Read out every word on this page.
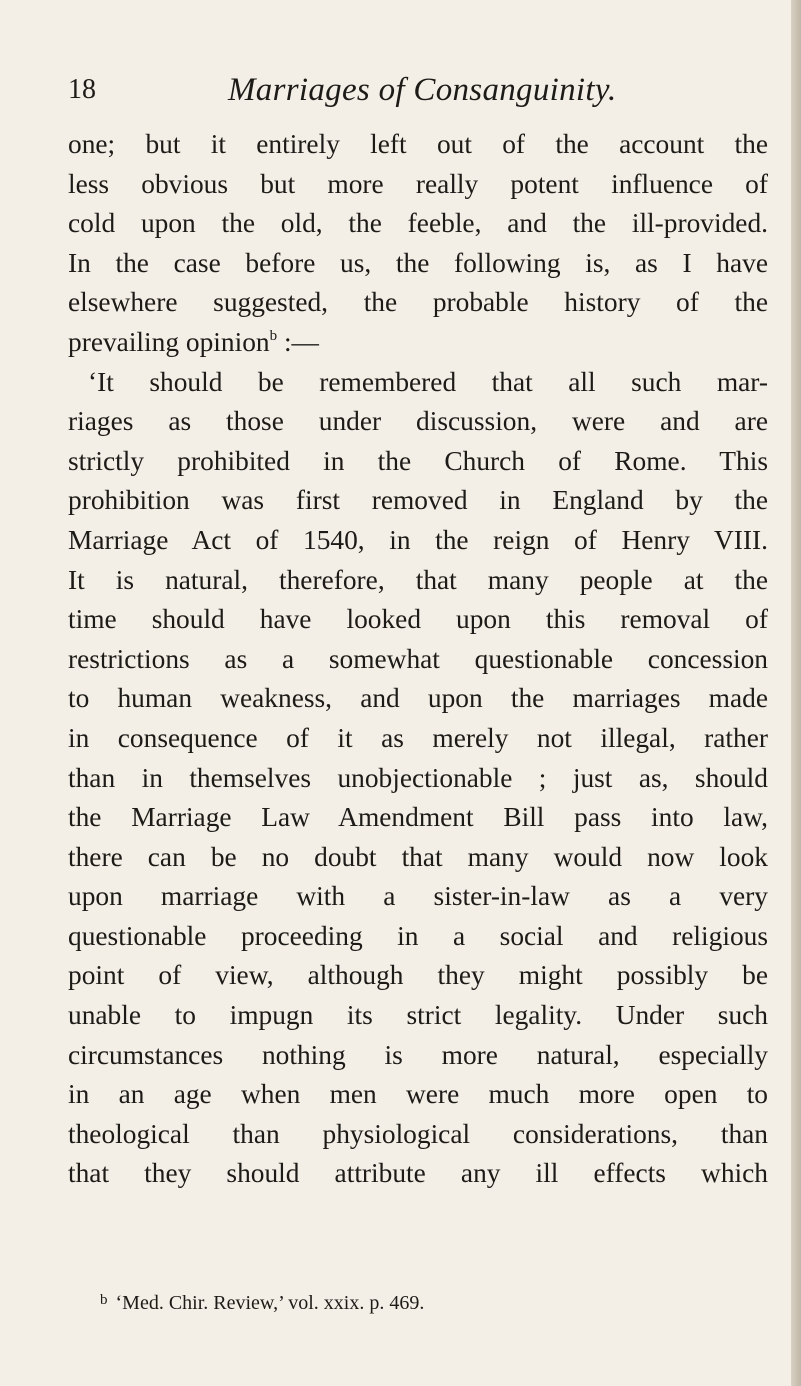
18	Marriages of Consanguinity.
one; but it entirely left out of the account the
less obvious but more really potent influence of
cold upon the old, the feeble, and the ill-provided.
In the case before us, the following is, as I have
elsewhere suggested, the probable history of the
prevailing opinion$^b$ :—
‘It should be remembered that all such mar-
riages as those under discussion, were and are
strictly prohibited in the Church of Rome. This
prohibition was first removed in England by the
Marriage Act of 1540, in the reign of Henry VIII.
It is natural, therefore, that many people at the
time should have looked upon this removal of
restrictions as a somewhat questionable concession
to human weakness, and upon the marriages made
in consequence of it as merely not illegal, rather
than in themselves unobjectionable ; just as, should
the Marriage Law Amendment Bill pass into law,
there can be no doubt that many would now look
upon marriage with a sister-in-law as a very
questionable proceeding in a social and religious
point of view, although they might possibly be
unable to impugn its strict legality. Under such
circumstances nothing is more natural, especially
in an age when men were much more open to
theological than physiological considerations, than
that they should attribute any ill effects which
$^b$ ‘Med. Chir. Review,’ vol. xxix. p. 469.
